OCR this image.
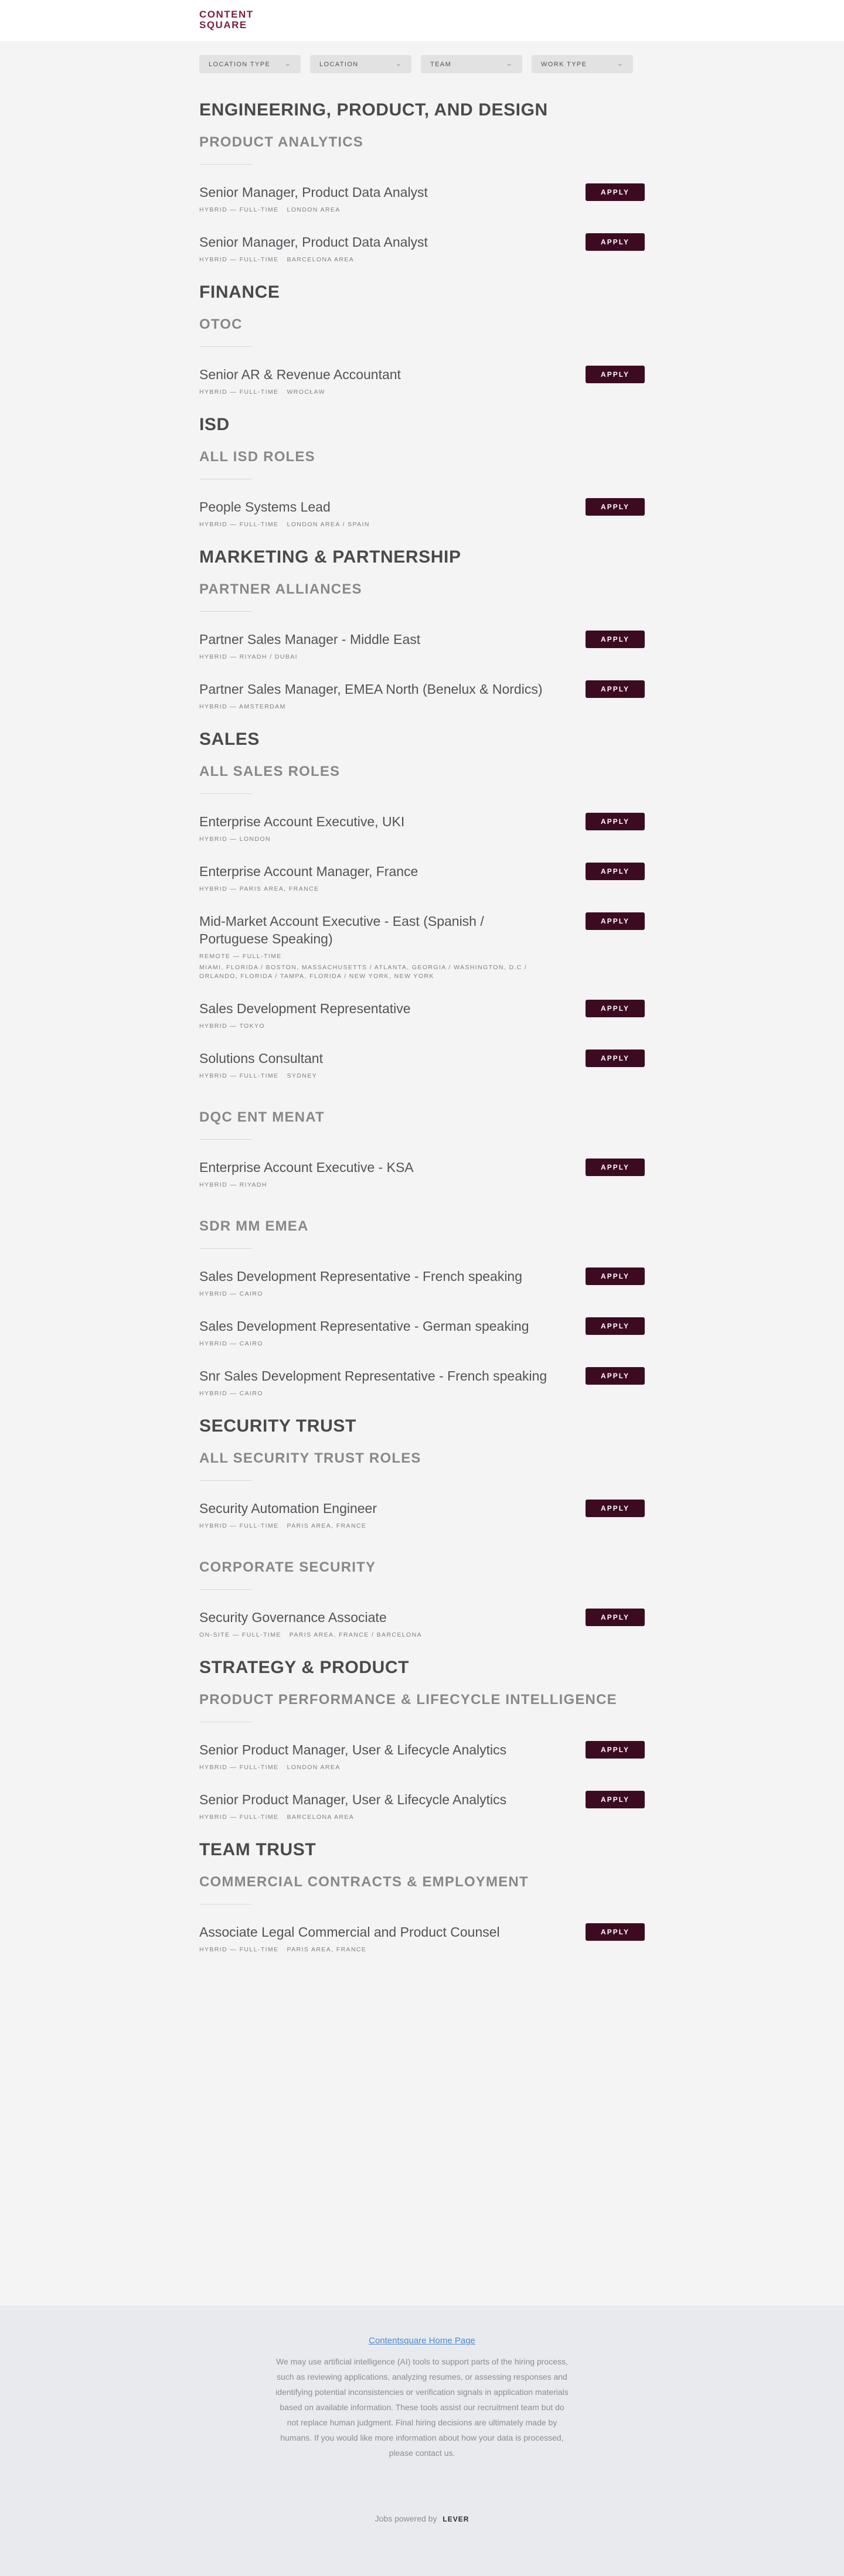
CONTENT
SQUARE
LOCATION TYPE ⌄	LOCATION	⌄	TEAM	⌄	WORK TYPE	⌄
ENGINEERING, PRODUCT, AND DESIGN
PRODUCT ANALYTICS
Senior Manager, Product Data Analyst
HYBRID — FULL-TIME LONDON AREA
APPLY
Senior Manager, Product Data Analyst
HYBRID — FULL-TIME BARCELONA AREA
APPLY
FINANCE
OTOC
Senior AR & Revenue Accountant
HYBRID — FULL-TIME WROCŁAW
APPLY
ISD
ALL ISD ROLES
People Systems Lead
HYBRID — FULL-TIME LONDON AREA / SPAIN
APPLY
MARKETING & PARTNERSHIP
PARTNER ALLIANCES
Partner Sales Manager - Middle East
HYBRID — RIYADH / DUBAI
APPLY
Partner Sales Manager, EMEA North (Benelux & Nordics)
HYBRID — AMSTERDAM
APPLY
SALES
ALL SALES ROLES
Enterprise Account Executive, UKI
HYBRID — LONDON
APPLY
Enterprise Account Manager, France
HYBRID — PARIS AREA, FRANCE
APPLY
Mid-Market Account Executive - East (Spanish / Portuguese Speaking)
REMOTE — FULL-TIME
MIAMI, FLORIDA / BOSTON, MASSACHUSETTS / ATLANTA, GEORGIA / WASHINGTON, D.C / ORLANDO, FLORIDA / TAMPA, FLORIDA / NEW YORK, NEW YORK
APPLY
Sales Development Representative
HYBRID — TOKYO
APPLY
Solutions Consultant
HYBRID — FULL-TIME SYDNEY
APPLY
DQC ENT MENAT
Enterprise Account Executive - KSA
HYBRID — RIYADH
APPLY
SDR MM EMEA
Sales Development Representative - French speaking
HYBRID — CAIRO
APPLY
Sales Development Representative - German speaking
HYBRID — CAIRO
APPLY
Snr Sales Development Representative - French speaking
HYBRID — CAIRO
APPLY
SECURITY TRUST
ALL SECURITY TRUST ROLES
Security Automation Engineer
HYBRID — FULL-TIME PARIS AREA, FRANCE
APPLY
CORPORATE SECURITY
Security Governance Associate
ON-SITE — FULL-TIME PARIS AREA, FRANCE / BARCELONA
APPLY
STRATEGY & PRODUCT
PRODUCT PERFORMANCE & LIFECYCLE INTELLIGENCE
Senior Product Manager, User & Lifecycle Analytics
HYBRID — FULL-TIME LONDON AREA
APPLY
Senior Product Manager, User & Lifecycle Analytics
HYBRID — FULL-TIME BARCELONA AREA
APPLY
TEAM TRUST
COMMERCIAL CONTRACTS & EMPLOYMENT
Associate Legal Commercial and Product Counsel
HYBRID — FULL-TIME PARIS AREA, FRANCE
APPLY
Contentsquare Home Page
We may use artificial intelligence (AI) tools to support parts of the hiring process, such as reviewing applications, analyzing resumes, or assessing responses and identifying potential inconsistencies or verification signals in application materials based on available information. These tools assist our recruitment team but do not replace human judgment. Final hiring decisions are ultimately made by humans. If you would like more information about how your data is processed, please contact us.
Jobs powered by LEVER
